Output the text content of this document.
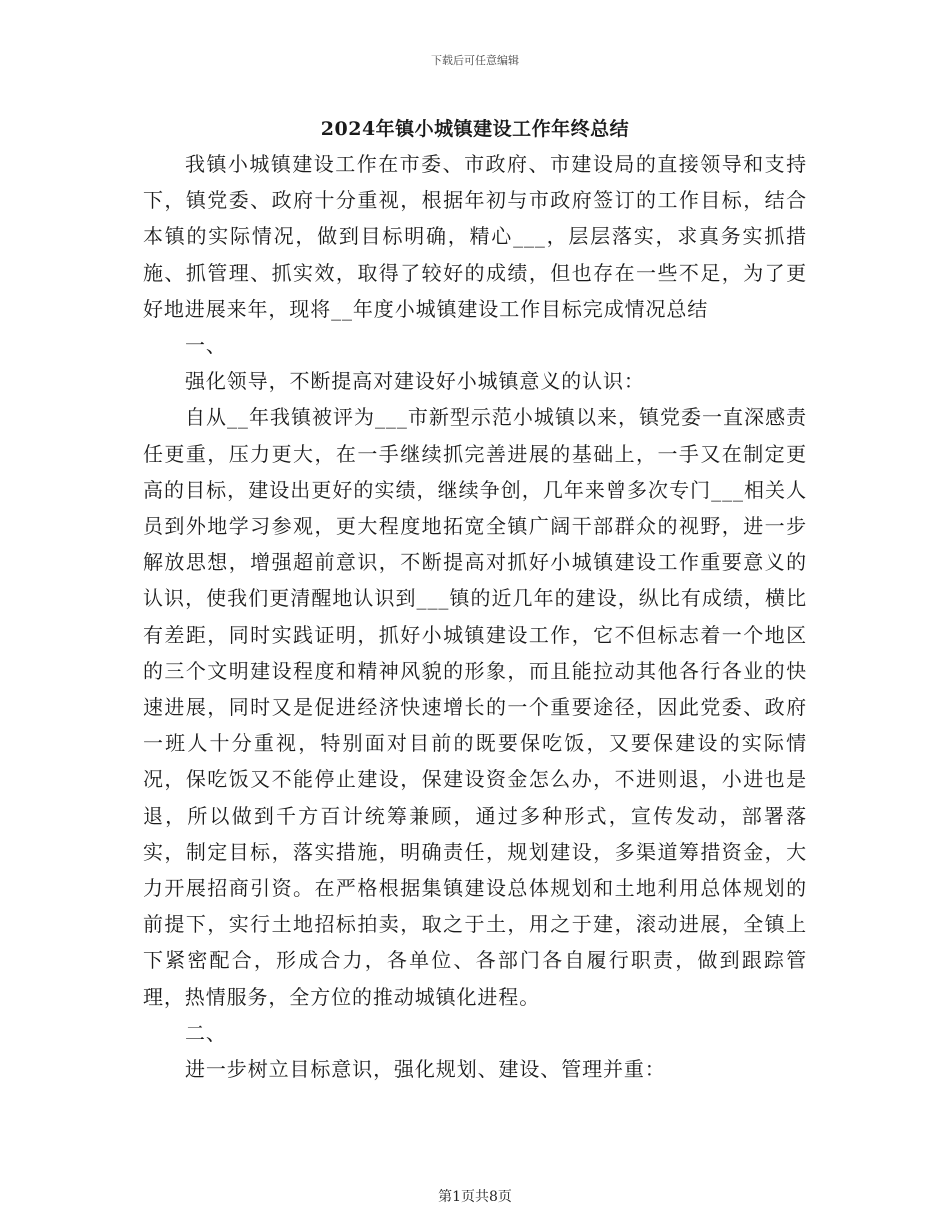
下载后可任意编辑
2024年镇小城镇建设工作年终总结

我镇小城镇建设工作在市委、市政府、市建设局的直接领导和支持下，镇党委、政府十分重视，根据年初与市政府签订的工作目标，结合本镇的实际情况，做到目标明确，精心___，层层落实，求真务实抓措施、抓管理、抓实效，取得了较好的成绩，但也存在一些不足，为了更好地进展来年，现将__年度小城镇建设工作目标完成情况总结

一、

强化领导，不断提高对建设好小城镇意义的认识：

自从__年我镇被评为___市新型示范小城镇以来，镇党委一直深感责任更重，压力更大，在一手继续抓完善进展的基础上，一手又在制定更高的目标，建设出更好的实绩，继续争创，几年来曾多次专门___相关人员到外地学习参观，更大程度地拓宽全镇广阔干部群众的视野，进一步解放思想，增强超前意识，不断提高对抓好小城镇建设工作重要意义的认识，使我们更清醒地认识到___镇的近几年的建设，纵比有成绩，横比有差距，同时实践证明，抓好小城镇建设工作，它不但标志着一个地区的三个文明建设程度和精神风貌的形象，而且能拉动其他各行各业的快速进展，同时又是促进经济快速增长的一个重要途径，因此党委、政府一班人十分重视，特别面对目前的既要保吃饭，又要保建设的实际情况，保吃饭又不能停止建设，保建设资金怎么办，不进则退，小进也是退，所以做到千方百计统筹兼顾，通过多种形式，宣传发动，部署落实，制定目标，落实措施，明确责任，规划建设，多渠道筹措资金，大力开展招商引资。在严格根据集镇建设总体规划和土地利用总体规划的前提下，实行土地招标拍卖，取之于土，用之于建，滚动进展，全镇上下紧密配合，形成合力，各单位、各部门各自履行职责，做到跟踪管理，热情服务，全方位的推动城镇化进程。

二、

进一步树立目标意识，强化规划、建设、管理并重：

第1页共8页
